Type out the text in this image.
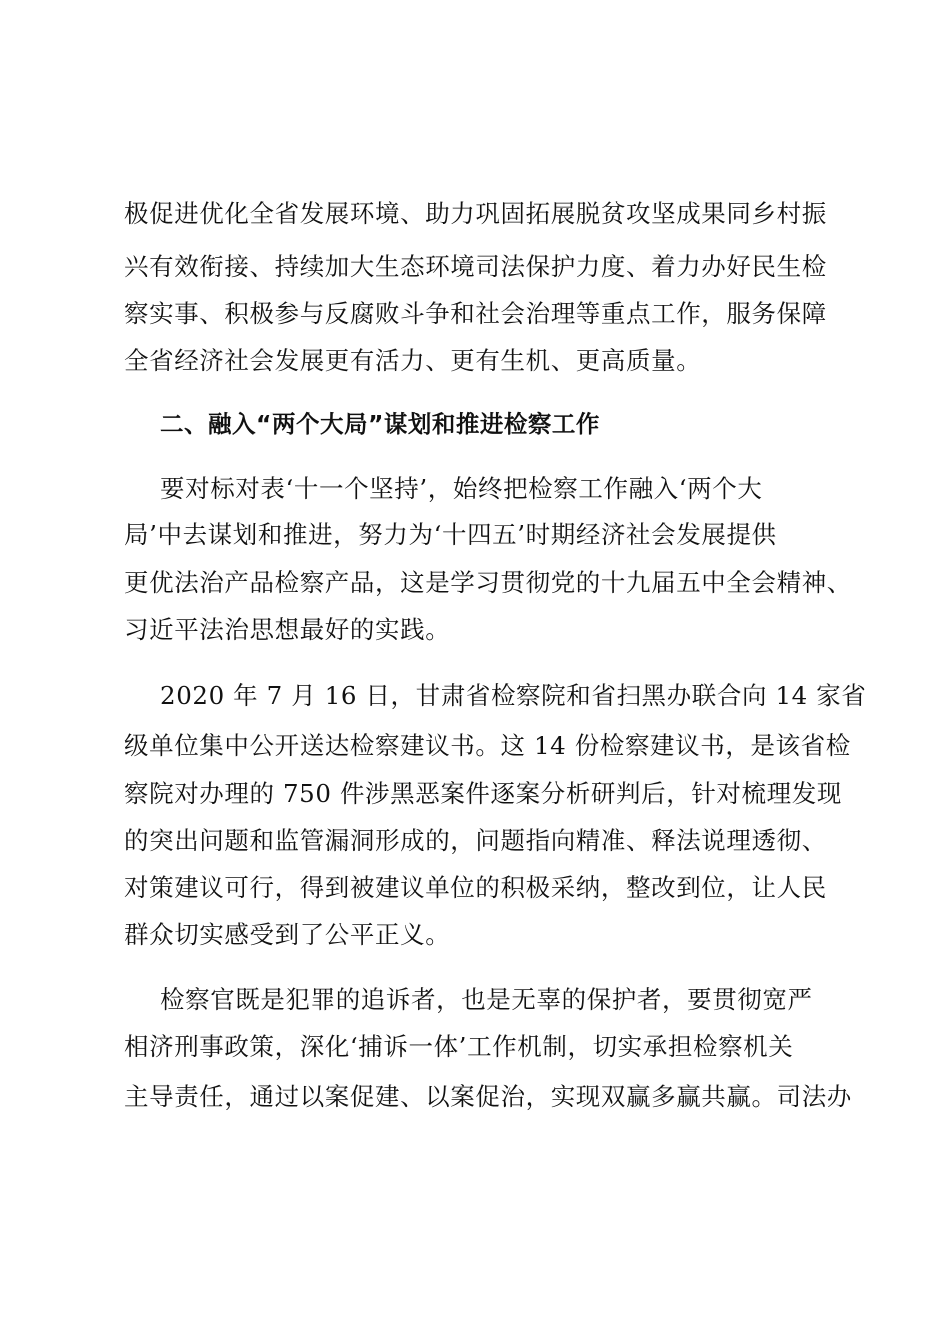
极促进优化全省发展环境、助力巩固拓展脱贫攻坚成果同乡村振
兴有效衔接、持续加大生态环境司法保护力度、着力办好民生检
察实事、积极参与反腐败斗争和社会治理等重点工作，服务保障
全省经济社会发展更有活力、更有生机、更高质量。
二、融入“两个大局”谋划和推进检察工作
要对标对表‘十一个坚持’，始终把检察工作融入‘两个大
局’中去谋划和推进，努力为‘十四五’时期经济社会发展提供
更优法治产品检察产品，这是学习贯彻党的十九届五中全会精神、
习近平法治思想最好的实践。
2020 年 7 月 16 日，甘肃省检察院和省扫黑办联合向 14 家省
级单位集中公开送达检察建议书。这 14 份检察建议书，是该省检
察院对办理的 750 件涉黑恶案件逐案分析研判后，针对梳理发现
的突出问题和监管漏洞形成的，问题指向精准、释法说理透彻、
对策建议可行，得到被建议单位的积极采纳，整改到位，让人民
群众切实感受到了公平正义。
检察官既是犯罪的追诉者，也是无辜的保护者，要贯彻宽严
相济刑事政策，深化‘捕诉一体’工作机制，切实承担检察机关
主导责任，通过以案促建、以案促治，实现双赢多赢共赢。司法办
